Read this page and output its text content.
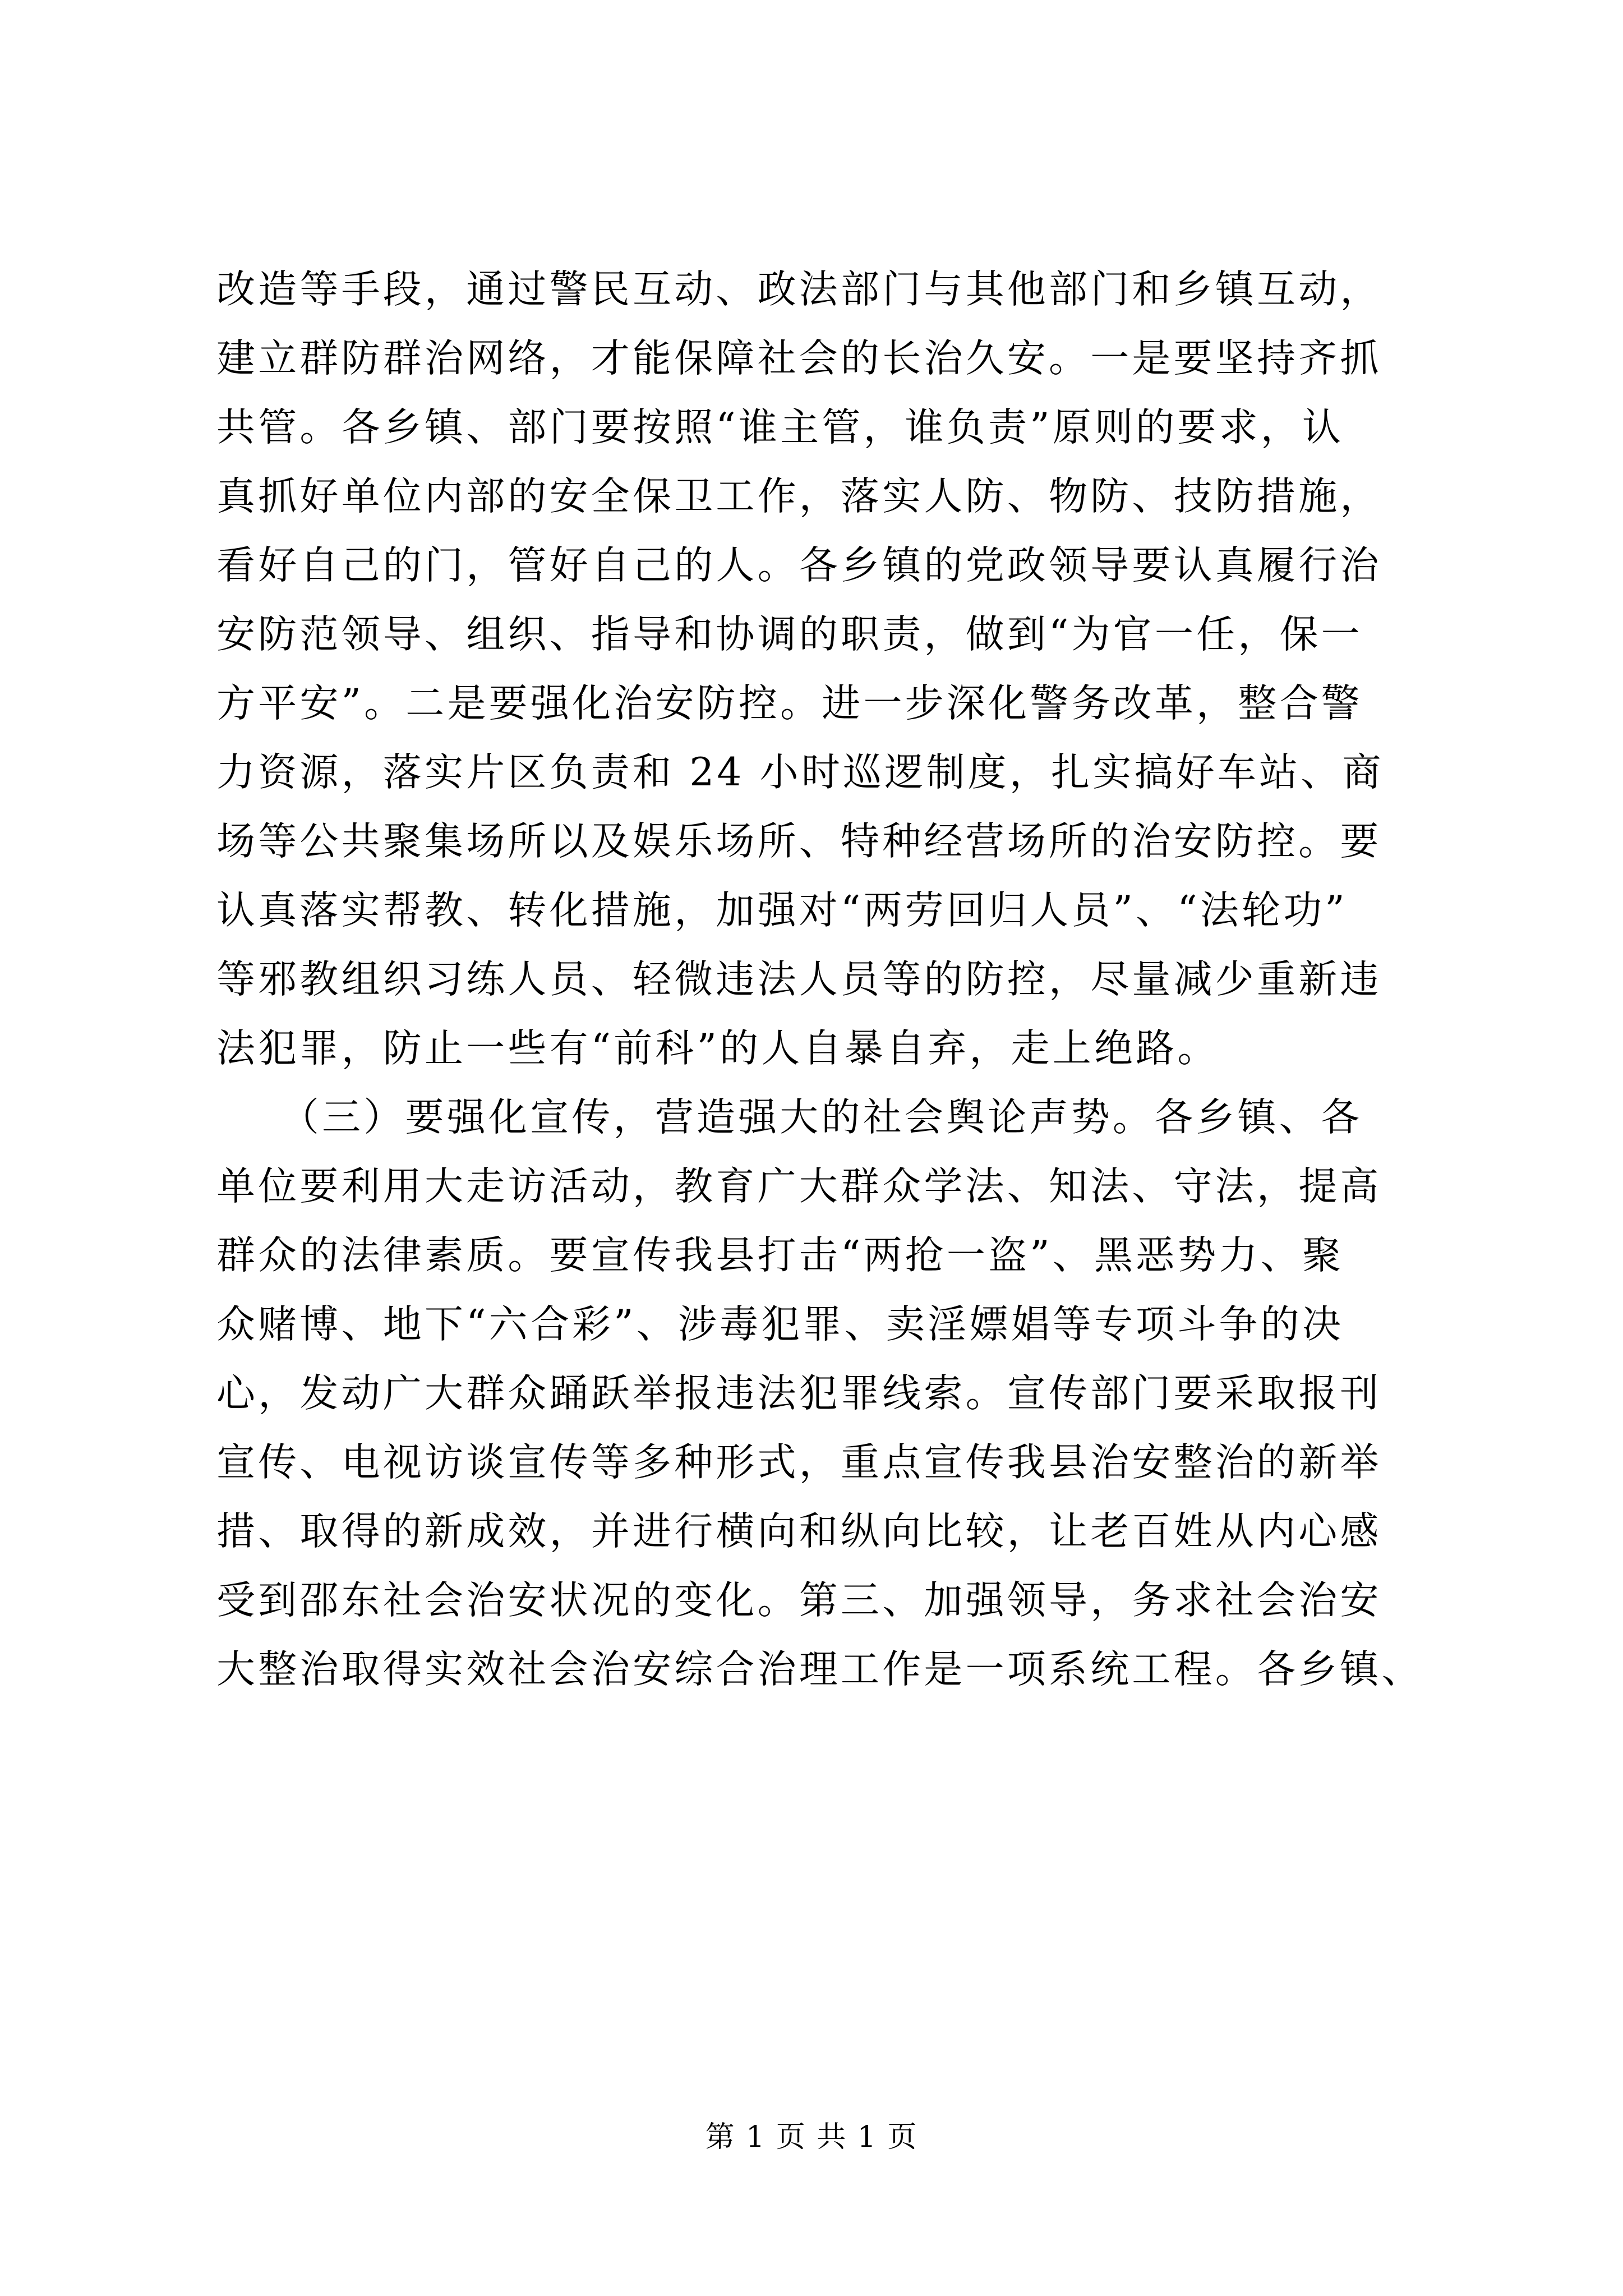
改造等手段，通过警民互动、政法部门与其他部门和乡镇互动，
建立群防群治网络，才能保障社会的长治久安。一是要坚持齐抓
共管。各乡镇、部门要按照“谁主管，谁负责”原则的要求，认
真抓好单位内部的安全保卫工作，落实人防、物防、技防措施，
看好自己的门，管好自己的人。各乡镇的党政领导要认真履行治
安防范领导、组织、指导和协调的职责，做到“为官一任，保一
方平安”。二是要强化治安防控。进一步深化警务改革，整合警
力资源，落实片区负责和 24 小时巡逻制度，扎实搞好车站、商
场等公共聚集场所以及娱乐场所、特种经营场所的治安防控。要
认真落实帮教、转化措施，加强对“两劳回归人员”、“法轮功”
等邪教组织习练人员、轻微违法人员等的防控，尽量减少重新违
法犯罪，防止一些有“前科”的人自暴自弃，走上绝路。
　　（三）要强化宣传，营造强大的社会舆论声势。各乡镇、各
单位要利用大走访活动，教育广大群众学法、知法、守法，提高
群众的法律素质。要宣传我县打击“两抢一盗”、黑恶势力、聚
众赌博、地下“六合彩”、涉毒犯罪、卖淫嫖娼等专项斗争的决
心，发动广大群众踊跃举报违法犯罪线索。宣传部门要采取报刊
宣传、电视访谈宣传等多种形式，重点宣传我县治安整治的新举
措、取得的新成效，并进行横向和纵向比较，让老百姓从内心感
受到邵东社会治安状况的变化。第三、加强领导，务求社会治安
大整治取得实效社会治安综合治理工作是一项系统工程。各乡镇、
第 1 页 共 1 页
